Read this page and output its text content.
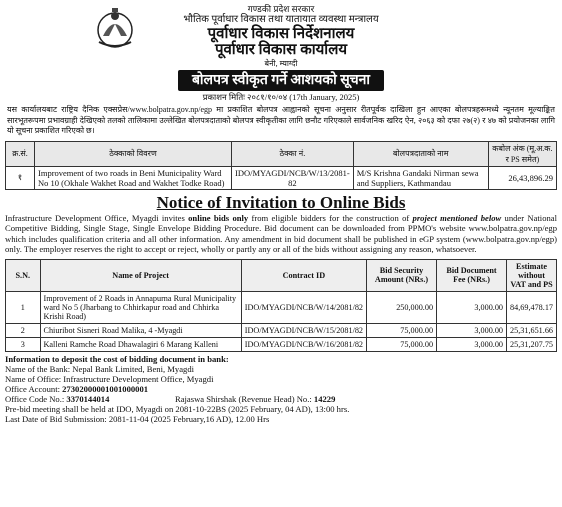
गण्डकी प्रदेश सरकार
भौतिक पूर्वाधार विकास तथा यातायात व्यवस्था मन्त्रालय
पूर्वाधार विकास निर्देशनालय
पूर्वाधार विकास कार्यालय
बेनी, म्याग्दी
बोलपत्र स्वीकृत गर्ने आशयको सूचना
प्रकाशन मितिः २०८१/१०/०४ (17th January, 2025)
यस कार्यालयबाट राष्ट्रिय दैनिक एक्सप्रेस/www.bolpatra.gov.np/egp मा प्रकाशित बोलपत्र आह्वानको सूचना अनुसार रीतपूर्वक दाखिला हुन आएका बोलपत्रहरूमध्ये न्यूनतम मूल्याङ्कित सारभूतरूपमा प्रभावग्राही देखिएको तलको तालिकामा उल्लेखित बोलपत्रदाताको बोलपत्र स्वीकृतीका लागि छनौट गरिएकाले सार्वजनिक खरिद ऐन, २०६३ को दफा २७(२) र ४७ को प्रयोजनका लागि यो सूचना प्रकाशित गरिएको छ।
क्र.सं.	ठेक्काको विवरण	ठेक्का नं.	बोलपत्रदाताको नाम	कबोल अंक (मू.अ.क. र PS समेत)
१	Improvement of two roads in Beni Municipality Ward No 10 (Okhale Wakhet Road and Wakhet Todke Road)	IDO/MYAGDI/NCB/W/13/2081-82	M/S Krishna Gandaki Nirman sewa and Suppliers, Kathmandau	26,43,896.29
Notice of Invitation to Online Bids
Infrastructure Development Office, Myagdi invites online bids only from eligible bidders for the construction of project mentioned below under National Competitive Bidding, Single Stage, Single Envelope Bidding Procedure. Bid document can be downloaded from PPMO's website www.bolpatra.gov.np/egp which includes qualification criteria and all other information. Any amendment in bid document shall be published in eGP system (www.bolpatra.gov.np/egp) only. The employer reserves the right to accept or reject, wholly or partly any or all of the bids without assigning any reason, whatsoever.
S.N.	Name of Project	Contract ID	Bid Security Amount (NRs.)	Bid Document Fee (NRs.)	Estimate without VAT and PS
1	Improvement of 2 Roads in Annapurna Rural Municipality ward No 5 (Jharbang to Chhirkapur road and Chhirka Krishi Road)	IDO/MYAGDI/NCB/W/14/2081/82	250,000.00	3,000.00	84,69,478.17
2	Chiuribot Sisneri Road Malika, 4 -Myagdi	IDO/MYAGDI/NCB/W/15/2081/82	75,000.00	3,000.00	25,31,651.66
3	Kalleni Ramche Road Dhawalagiri 6 Marang Kalleni	IDO/MYAGDI/NCB/W/16/2081/82	75,000.00	3,000.00	25,31,207.75
Information to deposit the cost of bidding document in bank:
Name of the Bank: Nepal Bank Limited, Beni, Myagdi
Name of Office: Infrastructure Development Office, Myagdi
Office Account: 27302000001001000001
Office Code No.: 3370144014	Rajaswa Shirshak (Revenue Head) No.: 14229
Pre-bid meeting shall be held at IDO, Myagdi on 2081-10-22BS (2025 February, 04 AD), 13:00 hrs.
Last Date of Bid Submission: 2081-11-04 (2025 February,16 AD), 12.00 Hrs
